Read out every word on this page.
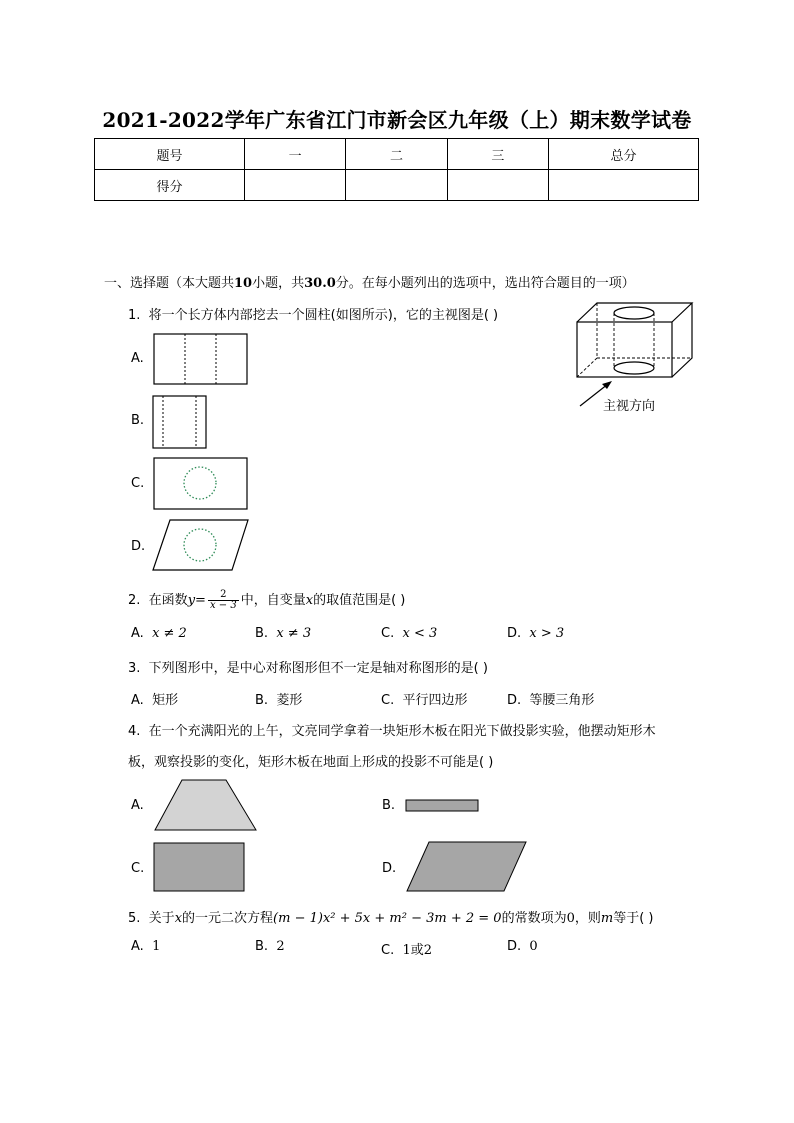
2021-2022学年广东省江门市新会区九年级（上）期末数学试卷
题号	一	二	三	总分
得分				
一、选择题（本大题共10小题，共30.0分。在每小题列出的选项中，选出符合题目的一项）
1. 将一个长方体内部挖去一个圆柱(如图所示)，它的主视图是( )
主视方向
A.
B.
C.
D.
2. 在函数$y= \frac{2}{x - 3}$ 中，自变量x的取值范围是( )
A. x ≠ 2	B. x ≠ 3	C. x < 3	D. x > 3
3. 下列图形中，是中心对称图形但不一定是轴对称图形的是( )
A. 矩形	B. 菱形	C. 平行四边形	D. 等腰三角形
4. 在一个充满阳光的上午，文亮同学拿着一块矩形木板在阳光下做投影实验，他摆动矩形木
板，观察投影的变化，矩形木板在地面上形成的投影不可能是( )
A.	B.
C.	D.
5. 关于x的一元二次方程(m − 1)x² + 5x + m² − 3m + 2 = 0的常数项为0，则m等于( )
A. 1	B. 2	C. 1或2	D. 0
